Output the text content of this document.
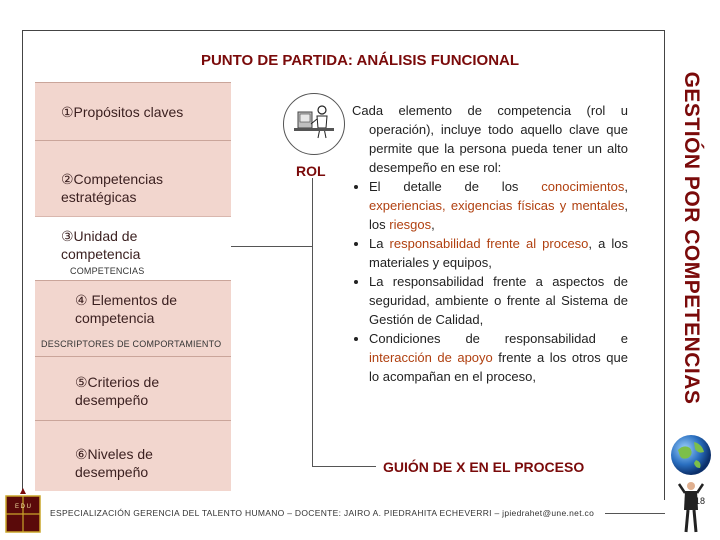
PUNTO DE PARTIDA: ANÁLISIS FUNCIONAL
GESTIÓN POR COMPETENCIAS
①Propósitos claves
②Competencias estratégicas
③Unidad de competencia
COMPETENCIAS
④ Elementos de competencia
DESCRIPTORES DE COMPORTAMIENTO
⑤Criterios de desempeño
⑥Niveles de desempeño
ROL
Cada elemento de competencia (rol u operación), incluye todo aquello clave que permite que la persona pueda tener un alto desempeño en ese rol:
• El detalle de los conocimientos, experiencias, exigencias físicas y mentales, los riesgos,
• La responsabilidad frente al proceso, a los materiales y equipos,
• La responsabilidad frente a aspectos de seguridad, ambiente o frente al Sistema de Gestión de Calidad,
• Condiciones de responsabilidad e interacción de apoyo frente a los otros que lo acompañan en el proceso,
GUIÓN DE X EN EL PROCESO
E D U
ESPECIALIZACIÓN GERENCIA DEL TALENTO HUMANO – DOCENTE: JAIRO A. PIEDRAHITA ECHEVERRI – jpiedrahet@une.net.co
18
